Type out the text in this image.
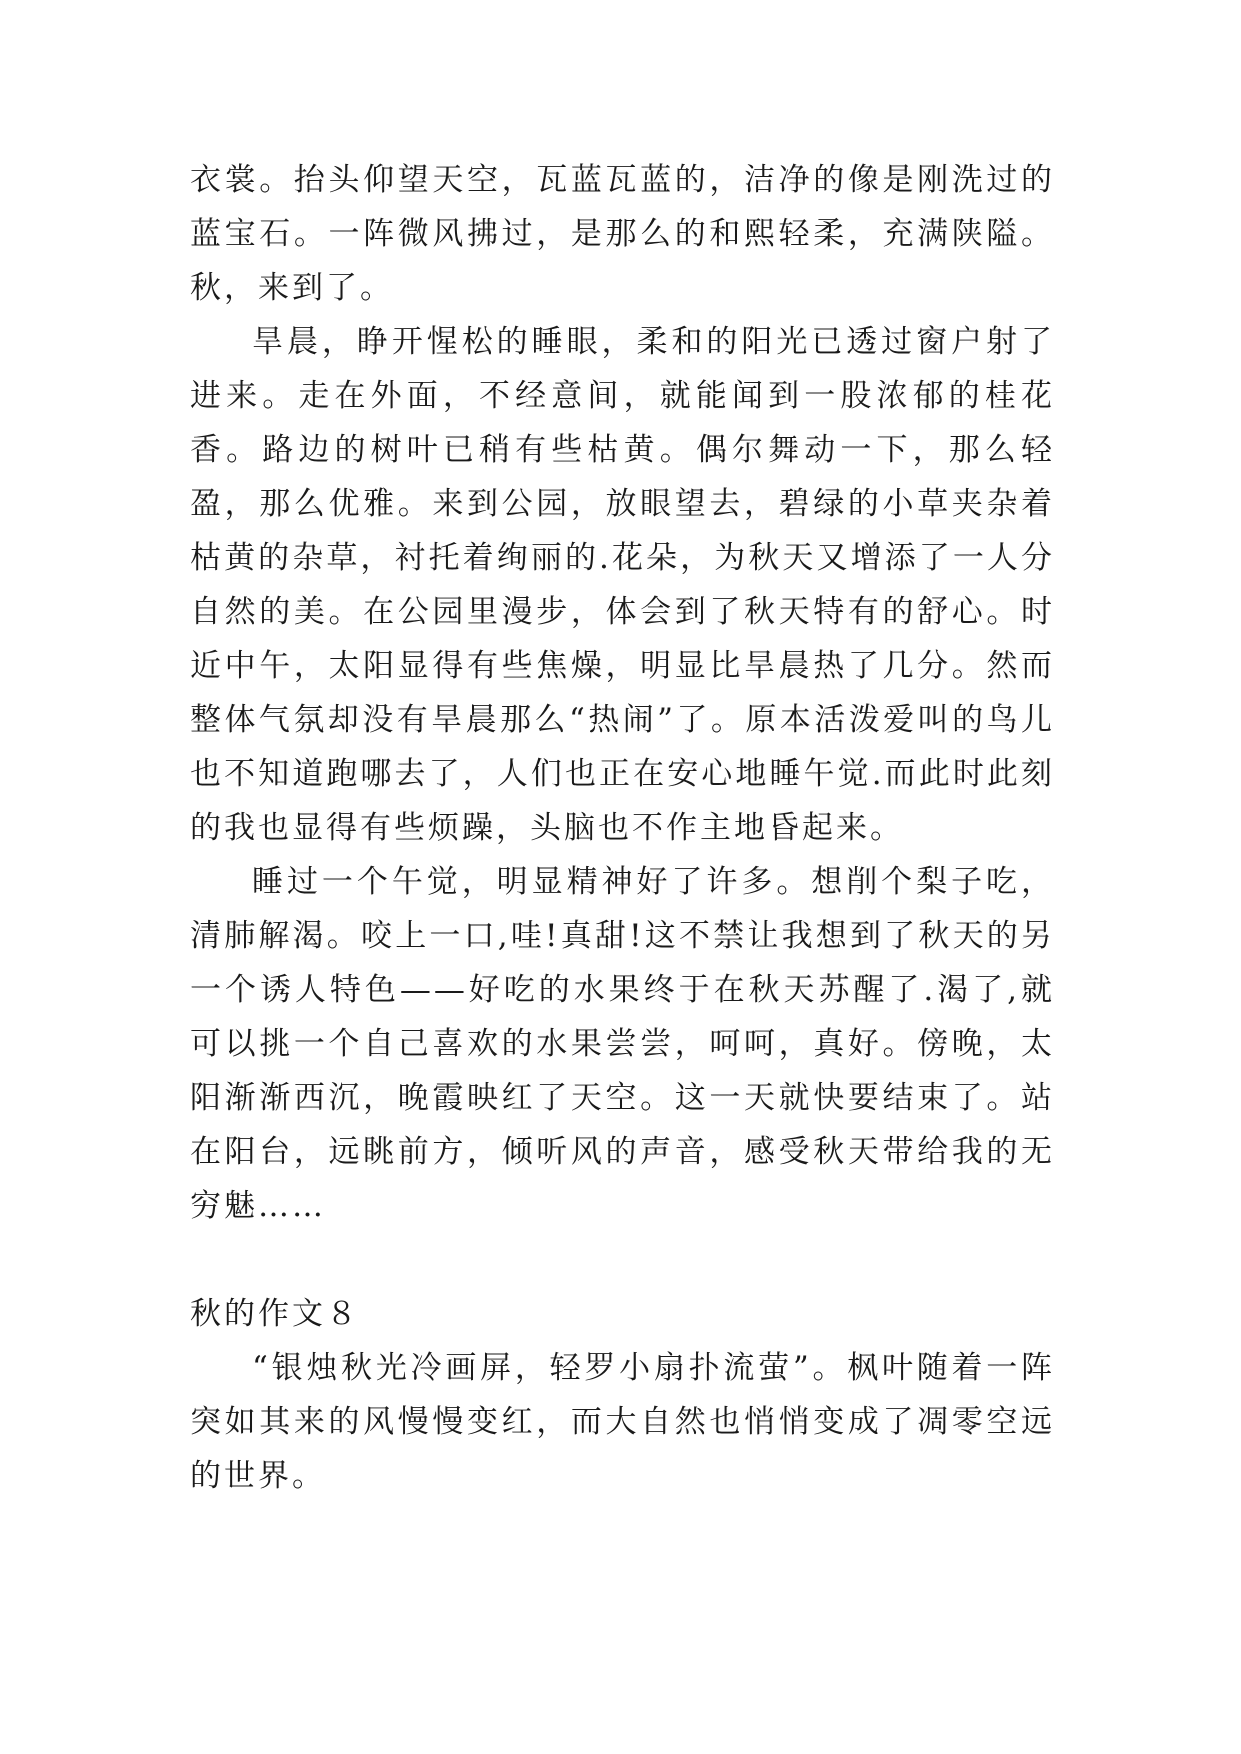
衣裳。抬头仰望天空，瓦蓝瓦蓝的，洁净的像是刚洗过的蓝宝石。一阵微风拂过，是那么的和熙轻柔，充满陕隘。秋，来到了。

旱晨，睁开惺松的睡眼，柔和的阳光已透过窗户射了进来。走在外面，不经意间，就能闻到一股浓郁的桂花香。路边的树叶已稍有些枯黄。偶尔舞动一下，那么轻盈，那么优雅。来到公园，放眼望去，碧绿的小草夹杂着枯黄的杂草，衬托着绚丽的.花朵，为秋天又增添了一人分自然的美。在公园里漫步，体会到了秋天特有的舒心。时近中午，太阳显得有些焦燥，明显比旱晨热了几分。然而整体气氛却没有旱晨那么“热闹”了。原本活泼爱叫的鸟儿也不知道跑哪去了，人们也正在安心地睡午觉.而此时此刻的我也显得有些烦躁，头脑也不作主地昏起来。

睡过一个午觉，明显精神好了许多。想削个梨子吃，清肺解渴。咬上一口,哇!真甜!这不禁让我想到了秋天的另一个诱人特色——好吃的水果终于在秋天苏醒了.渴了,就可以挑一个自己喜欢的水果尝尝，呵呵，真好。傍晚，太阳渐渐西沉，晚霞映红了天空。这一天就快要结束了。站在阳台，远眺前方，倾听风的声音，感受秋天带给我的无穷魅……

秋的作文８

“银烛秋光冷画屏，轻罗小扇扑流萤”。枫叶随着一阵突如其来的风慢慢变红，而大自然也悄悄变成了凋零空远的世界。
